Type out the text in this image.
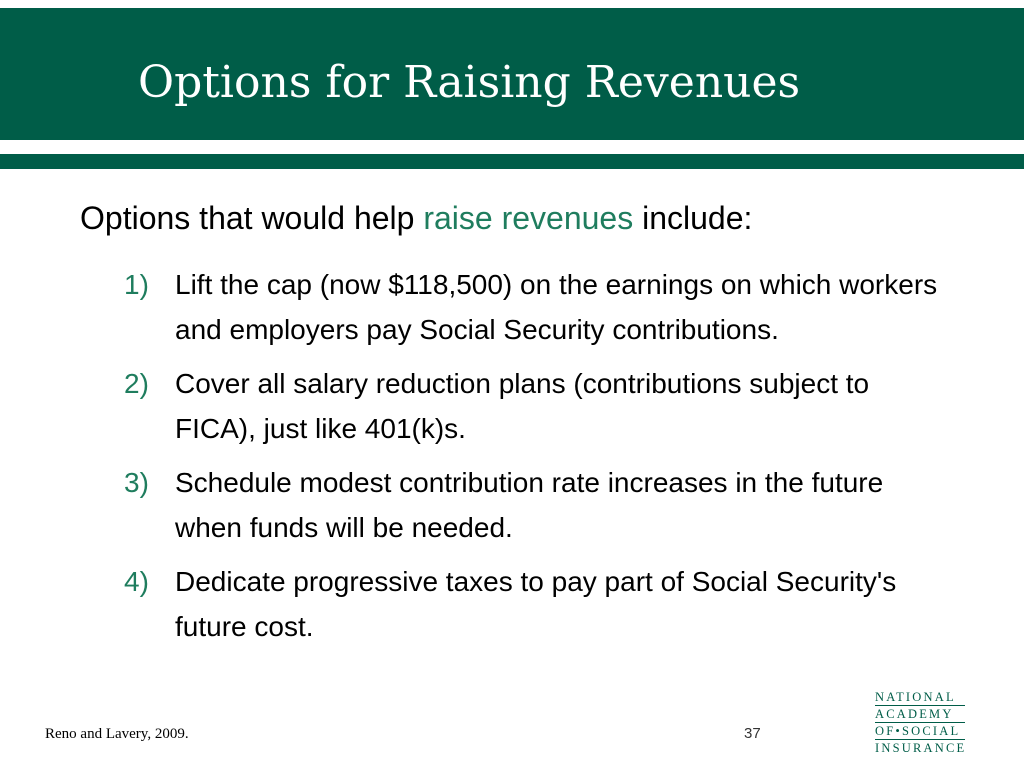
Options for Raising Revenues
Options that would help raise revenues include:
1) Lift the cap (now $118,500) on the earnings on which workers and employers pay Social Security contributions.
2) Cover all salary reduction plans (contributions subject to FICA), just like 401(k)s.
3) Schedule modest contribution rate increases in the future when funds will be needed.
4) Dedicate progressive taxes to pay part of Social Security's future cost.
Reno and Lavery, 2009.	37
NATIONAL
ACADEMY
OF•SOCIAL
INSURANCE
